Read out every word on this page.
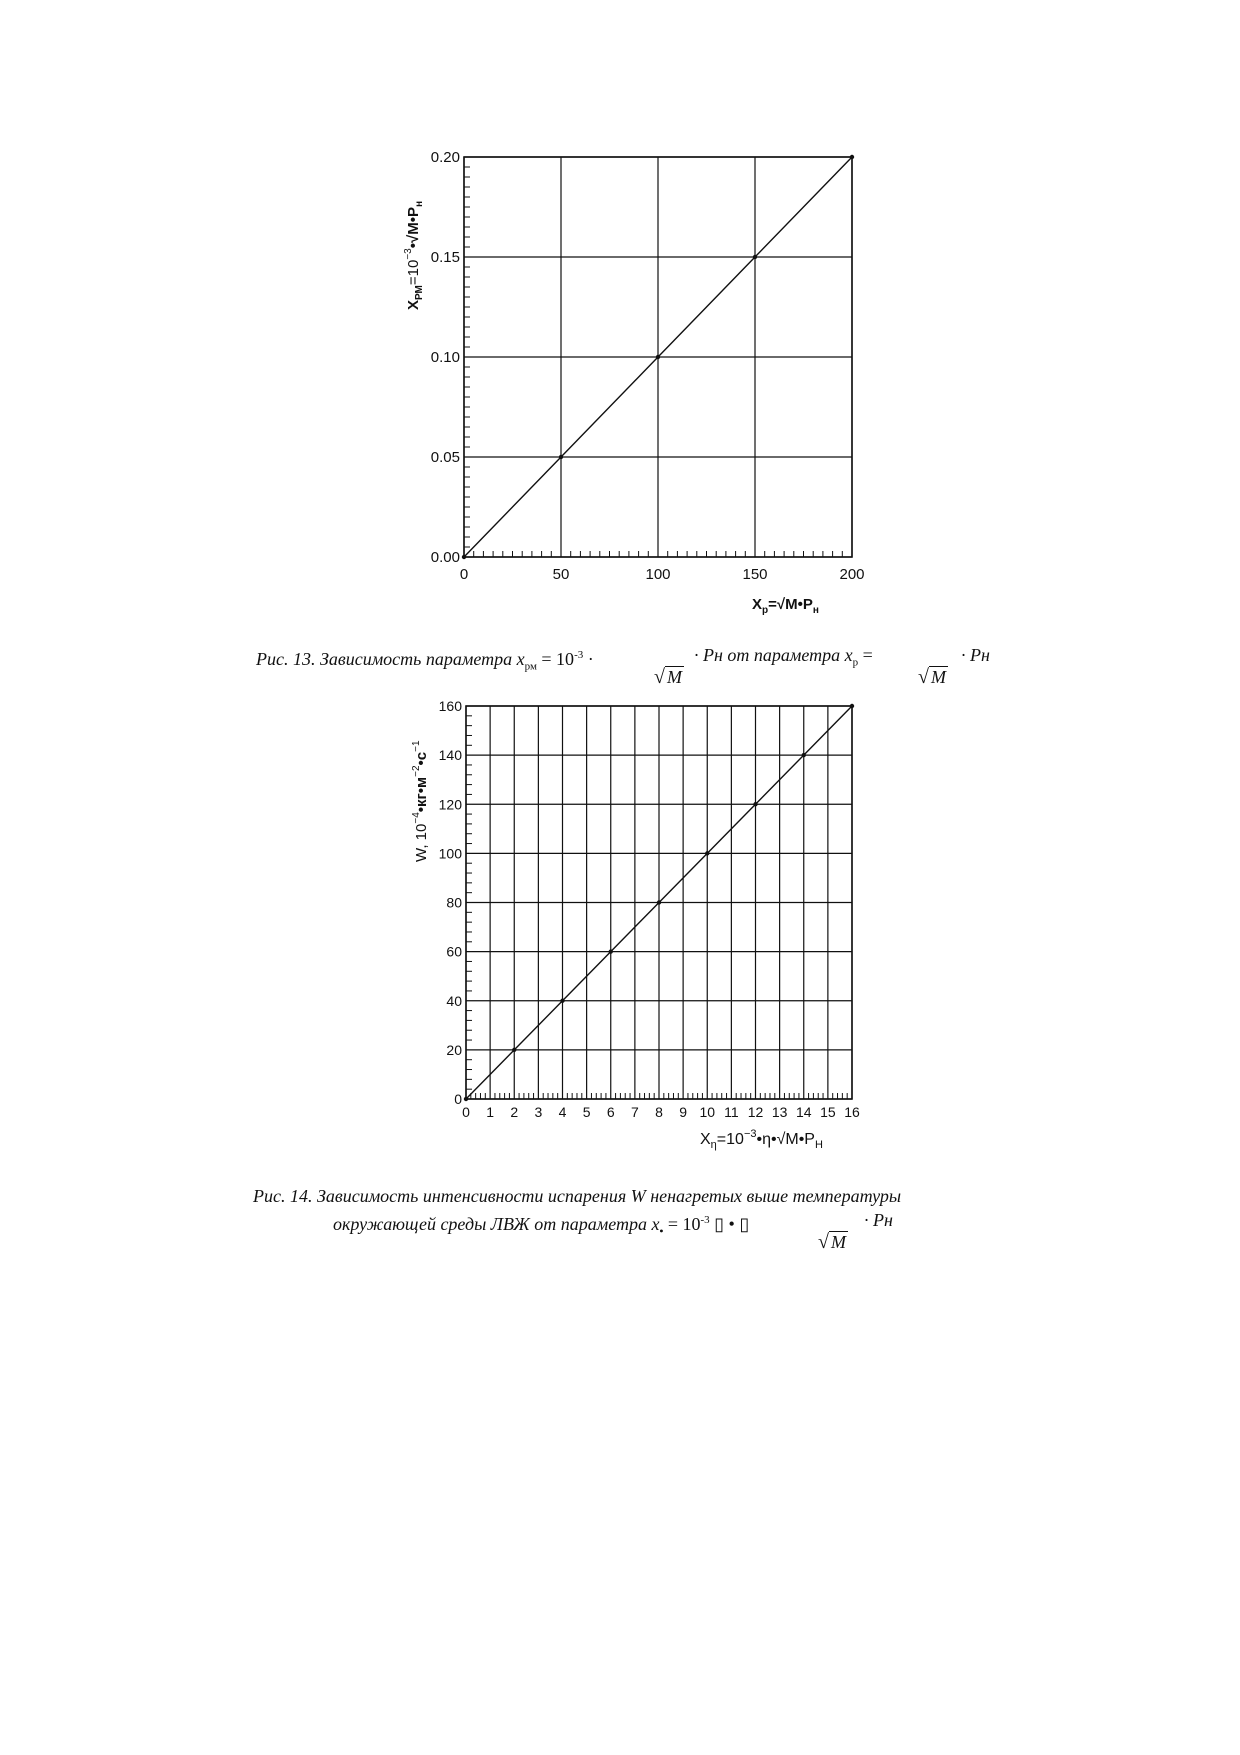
0	50	100	150	200
0.00
0.05
0.10
0.15
0.20
$X_р=√M•P_н$
$X_{РМ}=10^{-3}•√M•P_н$
Рис. 13. Зависимость параметра $x_{рм} = 10^{-3}$ ·	· Рн от параметра $x_р$ =	· Рн
√ M	√ M
0 1 2 3 4 5 6 7 8 9 10 11 12 13 14 15 16
0
20
40
60
80
100
120
140
160
$X_\eta=10^{-3}•\eta•√M•P_Н$
W, $10^{-4}•кг•м^{-2}•с^{-1}$
Рис. 14. Зависимость интенсивности испарения W ненагретых выше температуры
окружающей среды ЛВЖ от параметра $x_• = 10^{-3}$ ▯ • ▯	· Рн
√ M
